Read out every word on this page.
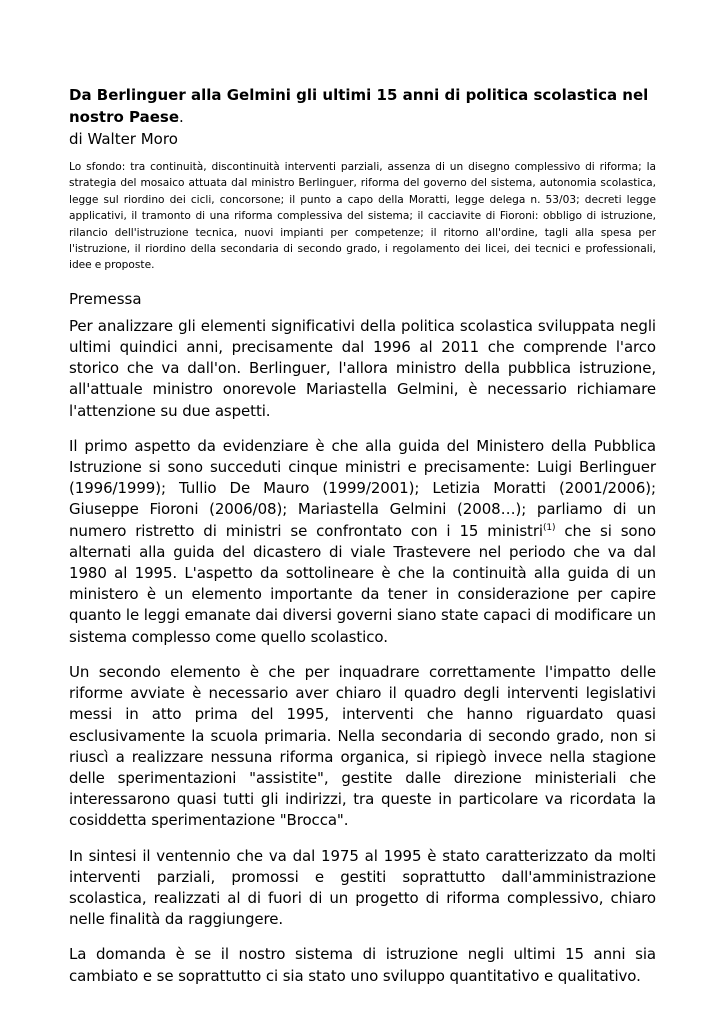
Da Berlinguer alla Gelmini gli ultimi 15 anni di politica scolastica nel nostro Paese.

di Walter Moro

Lo sfondo: tra continuità, discontinuità interventi parziali, assenza di un disegno complessivo di riforma; la strategia del mosaico attuata dal ministro Berlinguer, riforma del governo del sistema, autonomia scolastica, legge sul riordino dei cicli, concorsone; il punto a capo della Moratti, legge delega n. 53/03; decreti legge applicativi, il tramonto di una riforma complessiva del sistema; il cacciavite di Fioroni: obbligo di istruzione, rilancio dell'istruzione tecnica, nuovi impianti per competenze; il ritorno all'ordine, tagli alla spesa per l'istruzione, il riordino della secondaria di secondo grado, i regolamento dei licei, dei tecnici e professionali, idee e proposte.

Premessa

Per analizzare gli elementi significativi della politica scolastica sviluppata negli ultimi quindici anni, precisamente dal 1996 al 2011 che comprende l'arco storico che va dall'on. Berlinguer, l'allora ministro della pubblica istruzione, all'attuale ministro onorevole Mariastella Gelmini, è necessario richiamare l'attenzione su due aspetti.

Il primo aspetto da evidenziare è che alla guida del Ministero della Pubblica Istruzione si sono succeduti cinque ministri e precisamente: Luigi Berlinguer (1996/1999); Tullio De Mauro (1999/2001); Letizia Moratti (2001/2006); Giuseppe Fioroni (2006/08); Mariastella Gelmini (2008…); parliamo di un numero ristretto di ministri se confrontato con i 15 ministri$^{(1)}$ che si sono alternati alla guida del dicastero di viale Trastevere nel periodo che va dal 1980 al 1995. L'aspetto da sottolineare è che la continuità alla guida di un ministero è un elemento importante da tener in considerazione per capire quanto le leggi emanate dai diversi governi siano state capaci di modificare un sistema complesso come quello scolastico.

Un secondo elemento è che per inquadrare correttamente l'impatto delle riforme avviate è necessario aver chiaro il quadro degli interventi legislativi messi in atto prima del 1995, interventi che hanno riguardato quasi esclusivamente la scuola primaria. Nella secondaria di secondo grado, non si riuscì a realizzare nessuna riforma organica, si ripiegò invece nella stagione delle sperimentazioni "assistite", gestite dalle direzione ministeriali che interessarono quasi tutti gli indirizzi, tra queste in particolare va ricordata la cosiddetta sperimentazione "Brocca".

In sintesi il ventennio che va dal 1975 al 1995 è stato caratterizzato da molti interventi parziali, promossi e gestiti soprattutto dall'amministrazione scolastica, realizzati al di fuori di un progetto di riforma complessivo, chiaro nelle finalità da raggiungere.

La domanda è se il nostro sistema di istruzione negli ultimi 15 anni sia cambiato e se soprattutto ci sia stato uno sviluppo quantitativo e qualitativo.
